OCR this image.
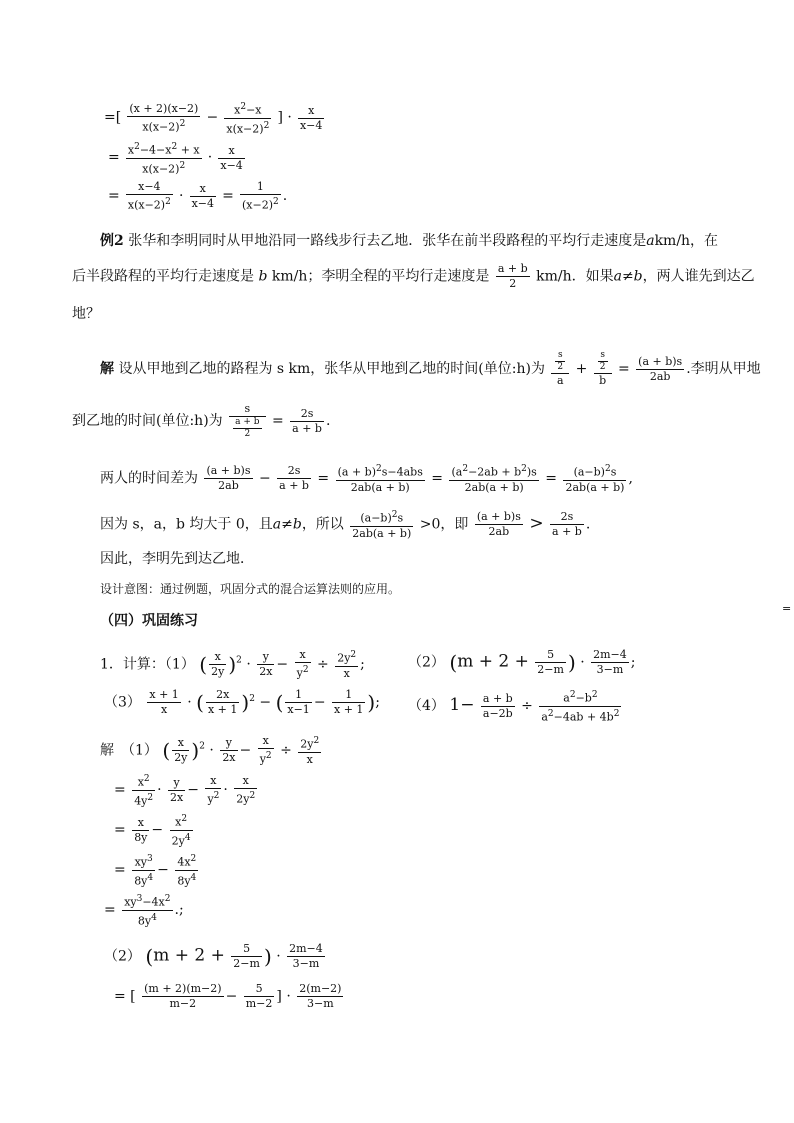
=[ $\frac{(x + 2)(x-2)}{x(x-2)^2} - \frac{x^2-x}{x(x-2)^2}$ ] · $\frac{x}{x-4}$
= $\frac{x^2-4-x^2 + x}{x(x-2)^2} \cdot \frac{x}{x-4}$
= $\frac{x-4}{x(x-2)^2} \cdot \frac{x}{x-4} = \frac{1}{(x-2)^2}$ .
例2 张华和李明同时从甲地沿同一路线步行去乙地．张华在前半段路程的平均行走速度是akm/h，在
后半段路程的平均行走速度是 b km/h；李明全程的平均行走速度是 $\frac{a + b}{2} km/h$．如果a≠b，两人谁先到达乙
地？
解 设从甲地到乙地的路程为 s km，张华从甲地到乙地的时间(单位:h)为 $\frac{\frac{s}{2}}{a} + \frac{\frac{s}{2}}{b} = \frac{(a + b)s}{2ab}$ .李明从甲地
到乙地的时间(单位:h)为 $\frac{s}{\frac{a + b}{2}} = \frac{2s}{a + b}$ .
两人的时间差为 $\frac{(a + b)s}{2ab} - \frac{2s}{a + b} = \frac{(a + b)^2s-4abs}{2ab(a + b)} = \frac{(a^2-2ab + b^2)s}{2ab(a + b)} = \frac{(a-b)^2s}{2ab(a + b)}$ ,
因为 s，a，b 均大于 0，且a≠b，所以 $\frac{(a-b)^2s}{2ab(a + b)} >0$，即 $\frac{(a + b)s}{2ab} > \frac{2s}{a + b}$ .
因此，李明先到达乙地．
设计意图：通过例题，巩固分式的混合运算法则的应用。
（四）巩固练习
=
1．计算：（1） ( $\frac{x}{2y} )^2 \cdot \frac{y}{2x} - \frac{x}{y^2} \div \frac{2y^2}{x}$ ;	（2） ($m + 2 + \frac{5}{2-m}$ ) · $\frac{2m-4}{3-m}$ ;
$(3) \frac{x + 1}{x}$ · ( $\frac{2x}{x + 1} )^2$ − ( $\frac{1}{x-1} - \frac{1}{x + 1}$ ); （4） $1- \frac{a + b}{a-2b} \div \frac{a^2-b^2}{a^2-4ab + 4b^2}$
解　（1） ( $\frac{x}{2y} )^2 \cdot \frac{y}{2x} - \frac{x}{y^2} \div \frac{2y^2}{x}$
= $\frac{x^2}{4y^2} \cdot \frac{y}{2x} - \frac{x}{y^2} \cdot \frac{x}{2y^2}$
= $\frac{x}{8y} - \frac{x^2}{2y^4}$
= $\frac{xy^3}{8y^4} - \frac{4x^2}{8y^4}$
= $\frac{xy^3-4x^2}{8y^4}$ .;
（2） ($m + 2 + \frac{5}{2-m}$ ) · $\frac{2m-4}{3-m}$
= [ $\frac{(m + 2)(m-2)}{m-2} - \frac{5}{m-2}$ ] · $\frac{2(m-2)}{3-m}$
